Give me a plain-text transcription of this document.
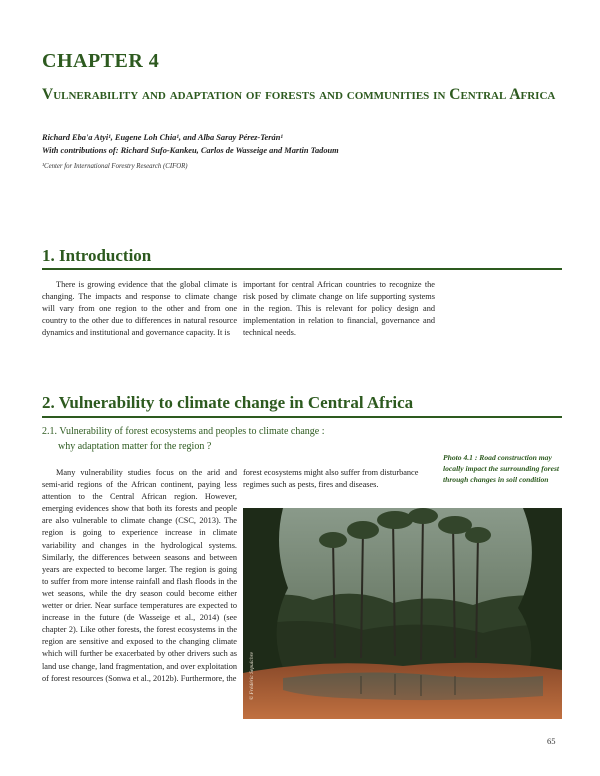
CHAPTER 4
Vulnerability and adaptation of forests and communities in Central Africa
Richard Eba'a Atyi¹, Eugene Loh Chia¹, and Alba Saray Pérez-Terán¹
With contributions of: Richard Sufo-Kankeu, Carlos de Wasseige and Martin Tadoum
¹Center for International Forestry Research (CIFOR)
1. Introduction
There is growing evidence that the global climate is changing. The impacts and response to climate change will vary from one region to the other and from one country to the other due to differences in natural resource dynamics and institutional and governance capacity. It is
important for central African countries to recognize the risk posed by climate change on life supporting systems in the region. This is relevant for policy design and implementation in relation to financial, governance and technical needs.
2. Vulnerability to climate change in Central Africa
2.1. Vulnerability of forest ecosystems and peoples to climate change :
why adaptation matter for the region ?
Many vulnerability studies focus on the arid and semi-arid regions of the African continent, paying less attention to the Central African region. However, emerging evidences show that both its forests and people are also vulnerable to climate change (CSC, 2013). The region is going to experience increase in climate variability and changes in the hydrological systems. Similarly, the differences between seasons and between years are expected to become larger. The region is going to suffer from more intense rainfall and flash floods in the wet seasons, while the dry season could become either wetter or drier. Near surface temperatures are expected to increase in the future (de Wasseige et al., 2014) (see chapter 2). Like other forests, the forest ecosystems in the region are sensitive and exposed to the changing climate which will further be exacerbated by other drivers such as land use change, land fragmentation, and over exploitation of forest resources (Sonwa et al., 2012b). Furthermore, the
forest ecosystems might also suffer from disturbance regimes such as pests, fires and diseases.
Photo 4.1 : Road construction may locally impact the surrounding forest through changes in soil condition
© Frédéric Sepulchre
65
